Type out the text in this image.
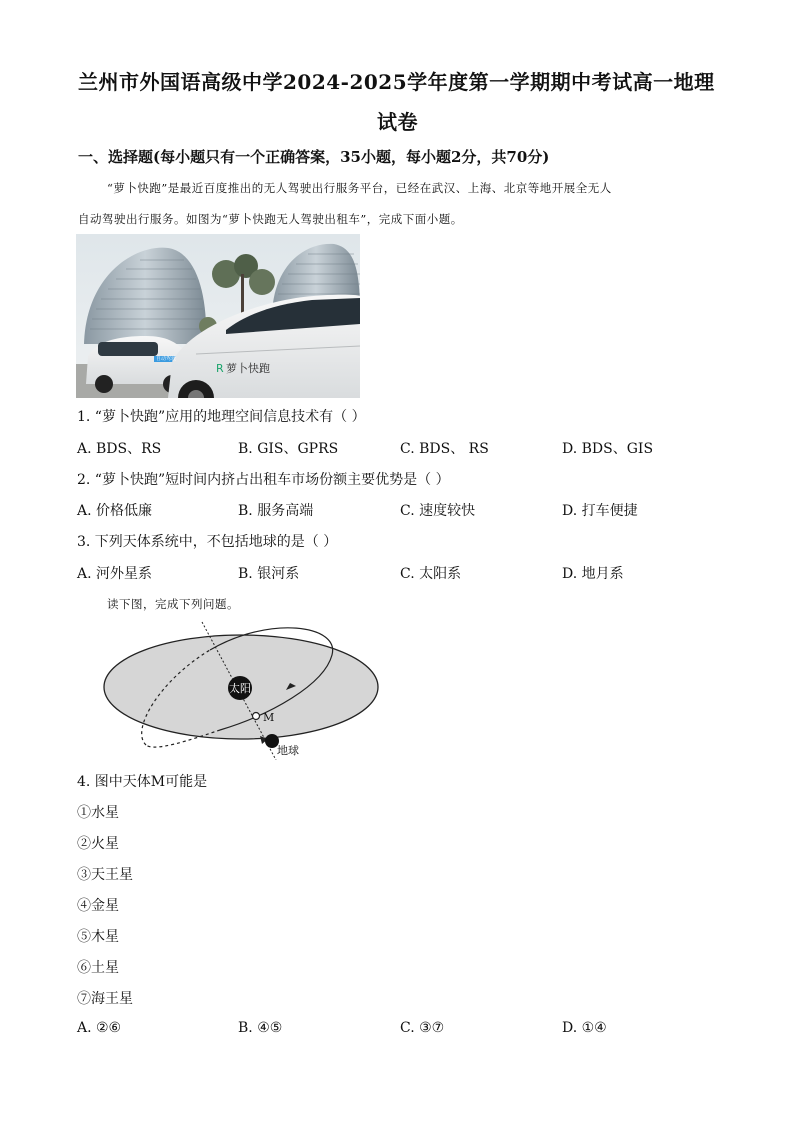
兰州市外国语高级中学2024-2025学年度第一学期期中考试高一地理
试卷
一、选择题(每小题只有一个正确答案，35小题，每小题2分，共70分)
“萝卜快跑”是最近百度推出的无人驾驶出行服务平台，已经在武汉、上海、北京等地开展全无人
自动驾驶出行服务。如图为“萝卜快跑无人驾驶出租车”，完成下面小题。
萝卜快跑
R
自动驾驶
1. “萝卜快跑”应用的地理空间信息技术有（ ）
A. BDS、RS	B. GIS、GPRS	C. BDS、 RS	D. BDS、GIS
2. “萝卜快跑”短时间内挤占出租车市场份额主要优势是（ ）
A. 价格低廉	B. 服务高端	C. 速度较快	D. 打车便捷
3. 下列天体系统中，不包括地球的是（ ）
A. 河外星系	B. 银河系	C. 太阳系	D. 地月系
读下图，完成下列问题。
太阳
M
地球
4. 图中天体M可能是
①水星
②火星
③天王星
④金星
⑤木星
⑥土星
⑦海王星
A. ②⑥	B. ④⑤	C. ③⑦	D. ①④
